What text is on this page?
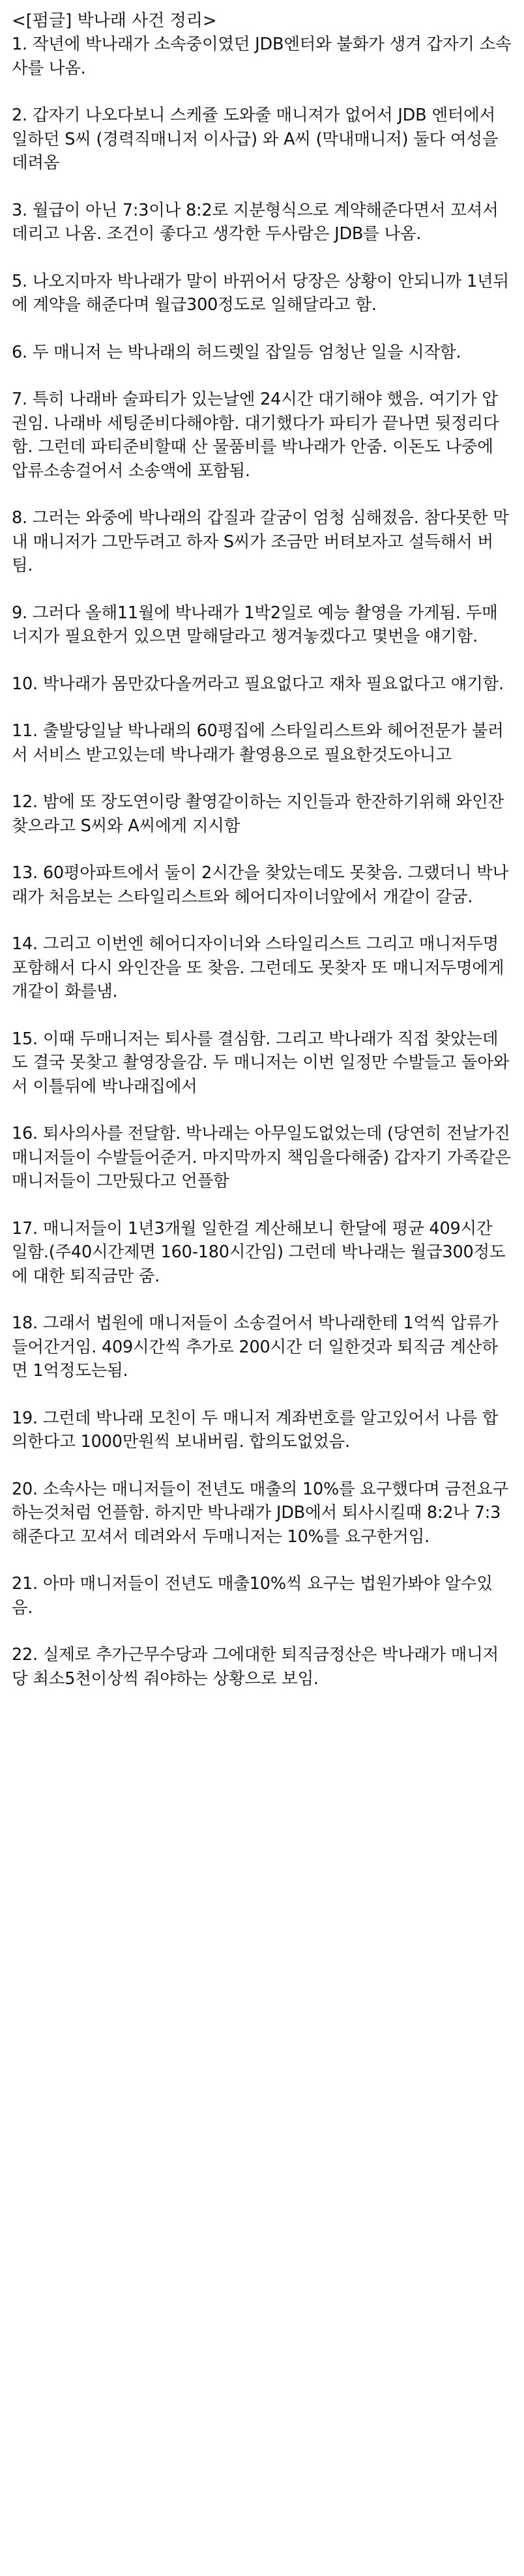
<[펌글] 박나래 사건 정리>

1. 작년에 박나래가 소속중이였던 JDB엔터와 불화가 생겨 갑자기 소속사를 나옴.

2. 갑자기 나오다보니 스케쥴 도와줄 매니져가 없어서 JDB 엔터에서 일하던 S씨 (경력직매니저 이사급) 와 A씨 (막내매니저) 둘다 여성을 데려옴

3. 월급이 아닌 7:3이나 8:2로 지분형식으로 계약해준다면서 꼬셔서 데리고 나옴. 조건이 좋다고 생각한 두사람은 JDB를 나옴.

5. 나오지마자 박나래가 말이 바뀌어서 당장은 상황이 안되니까 1년뒤에 계약을 해준다며 월급300정도로 일해달라고 함.

6. 두 매니저 는 박나래의 허드렛일 잡일등 엄청난 일을 시작함.

7. 특히 나래바 술파티가 있는날엔 24시간 대기해야 했음. 여기가 압권임. 나래바 세팅준비다해야함. 대기했다가 파티가 끝나면 뒷정리다함. 그런데 파티준비할때 산 물품비를 박나래가 안줌. 이돈도 나중에 압류소송걸어서 소송액에 포함됨.

8. 그러는 와중에 박나래의 갑질과 갈굼이 엄청 심해졌음. 참다못한 막내 매니저가 그만두려고 하자 S씨가 조금만 버텨보자고 설득해서 버팀.

9. 그러다 올해11월에 박나래가 1박2일로 예능 촬영을 가게됨. 두매너지가 필요한거 있으면 말해달라고 챙겨놓겠다고 몇번을 얘기함.

10. 박나래가 몸만갔다올꺼라고 필요없다고 재차 필요없다고 얘기함.

11. 출발당일날 박나래의 60평집에 스타일리스트와 헤어전문가 불러서 서비스 받고있는데 박나래가 촬영용으로 필요한것도아니고

12. 밤에 또 장도연이랑 촬영같이하는 지인들과 한잔하기위해 와인잔 찾으라고 S씨와 A씨에게 지시함

13. 60평아파트에서 둘이 2시간을 찾았는데도 못찾음. 그랬더니 박나래가 처음보는 스타일리스트와 헤어디자이너앞에서 개같이 갈굼.

14. 그리고 이번엔 헤어디자이너와 스타일리스트 그리고 매니저두명 포함해서 다시 와인잔을 또 찾음. 그런데도 못찾자 또 매니저두명에게 개같이 화를냄.

15. 이때 두매니저는 퇴사를 결심함. 그리고 박나래가 직접 찾았는데도 결국 못찾고 촬영장을감. 두 매니저는 이번 일정만 수발들고 돌아와서 이틀뒤에 박나래집에서

16. 퇴사의사를 전달함. 박나래는 아무일도없었는데 (당연히 전날가진 매니저들이 수발들어준거. 마지막까지 책임을다해줌) 갑자기 가족같은 매니저들이 그만뒀다고 언플함

17. 매니저들이 1년3개월 일한걸 계산해보니 한달에 평균 409시간 일함.(주40시간제면 160-180시간임) 그런데 박나래는 월급300정도에 대한 퇴직금만 줌.

18. 그래서 법원에 매니저들이 소송걸어서 박나래한테 1억씩 압류가 들어간거임. 409시간씩 추가로 200시간 더 일한것과 퇴직금 계산하면 1억정도는됨.

19. 그런데 박나래 모친이 두 매니저 계좌번호를 알고있어서 나름 합의한다고 1000만원씩 보내버림. 합의도없었음.

20. 소속사는 매니저들이 전년도 매출의 10%를 요구했다며 금전요구하는것처럼 언플함. 하지만 박나래가 JDB에서 퇴사시킬때 8:2나 7:3해준다고 꼬셔서 데려와서 두매니저는 10%를 요구한거임.

21. 아마 매니저들이 전년도 매출10%씩 요구는 법원가봐야 알수있음.

22. 실제로 추가근무수당과 그에대한 퇴직금정산은 박나래가 매니저당 최소5천이상씩 줘야하는 상황으로 보임.
